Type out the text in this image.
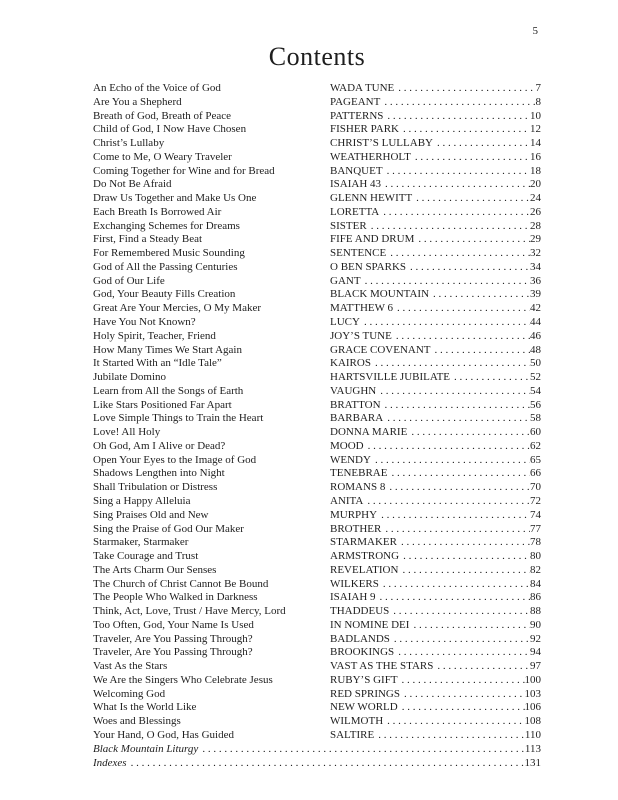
5
Contents
An Echo of the Voice of God	WADA TUNE . . .	7
Are You a Shepherd	PAGEANT . . .	8
Breath of God, Breath of Peace	PATTERNS . . .	10
Child of God, I Now Have Chosen	FISHER PARK . . .	12
Christ’s Lullaby	CHRIST’S LULLABY . . .	14
Come to Me, O Weary Traveler	WEATHERHOLT . . .	16
Coming Together for Wine and for Bread	BANQUET . . .	18
Do Not Be Afraid	ISAIAH 43 . . .	20
Draw Us Together and Make Us One	GLENN HEWITT . . .	24
Each Breath Is Borrowed Air	LORETTA . . .	26
Exchanging Schemes for Dreams	SISTER . . .	28
First, Find a Steady Beat	FIFE AND DRUM . . .	29
For Remembered Music Sounding	SENTENCE . . .	32
God of All the Passing Centuries	O BEN SPARKS . . .	34
God of Our Life	GANT . . .	36
God, Your Beauty Fills Creation	BLACK MOUNTAIN . . .	39
Great Are Your Mercies, O My Maker	MATTHEW 6 . . .	42
Have You Not Known?	LUCY . . .	44
Holy Spirit, Teacher, Friend	JOY’S TUNE . . .	46
How Many Times We Start Again	GRACE COVENANT . . .	48
It Started With an “Idle Tale”	KAIROS . . .	50
Jubilate Domino	HARTSVILLE JUBILATE . . .	52
Learn from All the Songs of Earth	VAUGHN . . .	54
Like Stars Positioned Far Apart	BRATTON . . .	56
Love Simple Things to Train the Heart	BARBARA . . .	58
Love! All Holy	DONNA MARIE . . .	60
Oh God, Am I Alive or Dead?	MOOD . . .	62
Open Your Eyes to the Image of God	WENDY . . .	65
Shadows Lengthen into Night	TENEBRAE . . .	66
Shall Tribulation or Distress	ROMANS 8 . . .	70
Sing a Happy Alleluia	ANITA . . .	72
Sing Praises Old and New	MURPHY . . .	74
Sing the Praise of God Our Maker	BROTHER . . .	77
Starmaker, Starmaker	STARMAKER . . .	78
Take Courage and Trust	ARMSTRONG . . .	80
The Arts Charm Our Senses	REVELATION . . .	82
The Church of Christ Cannot Be Bound	WILKERS . . .	84
The People Who Walked in Darkness	ISAIAH 9 . . .	86
Think, Act, Love, Trust / Have Mercy, Lord	THADDEUS . . .	88
Too Often, God, Your Name Is Used	IN NOMINE DEI . . .	90
Traveler, Are You Passing Through?	BADLANDS . . .	92
Traveler, Are You Passing Through?	BROOKINGS . . .	94
Vast As the Stars	VAST AS THE STARS . . .	97
We Are the Singers Who Celebrate Jesus	RUBY’S GIFT . . .	100
Welcoming God	RED SPRINGS . . .	103
What Is the World Like	NEW WORLD . . .	106
Woes and Blessings	WILMOTH . . .	108
Your Hand, O God, Has Guided	SALTIRE . . .	110
Black Mountain Liturgy . . .	113
Indexes . . .	131
